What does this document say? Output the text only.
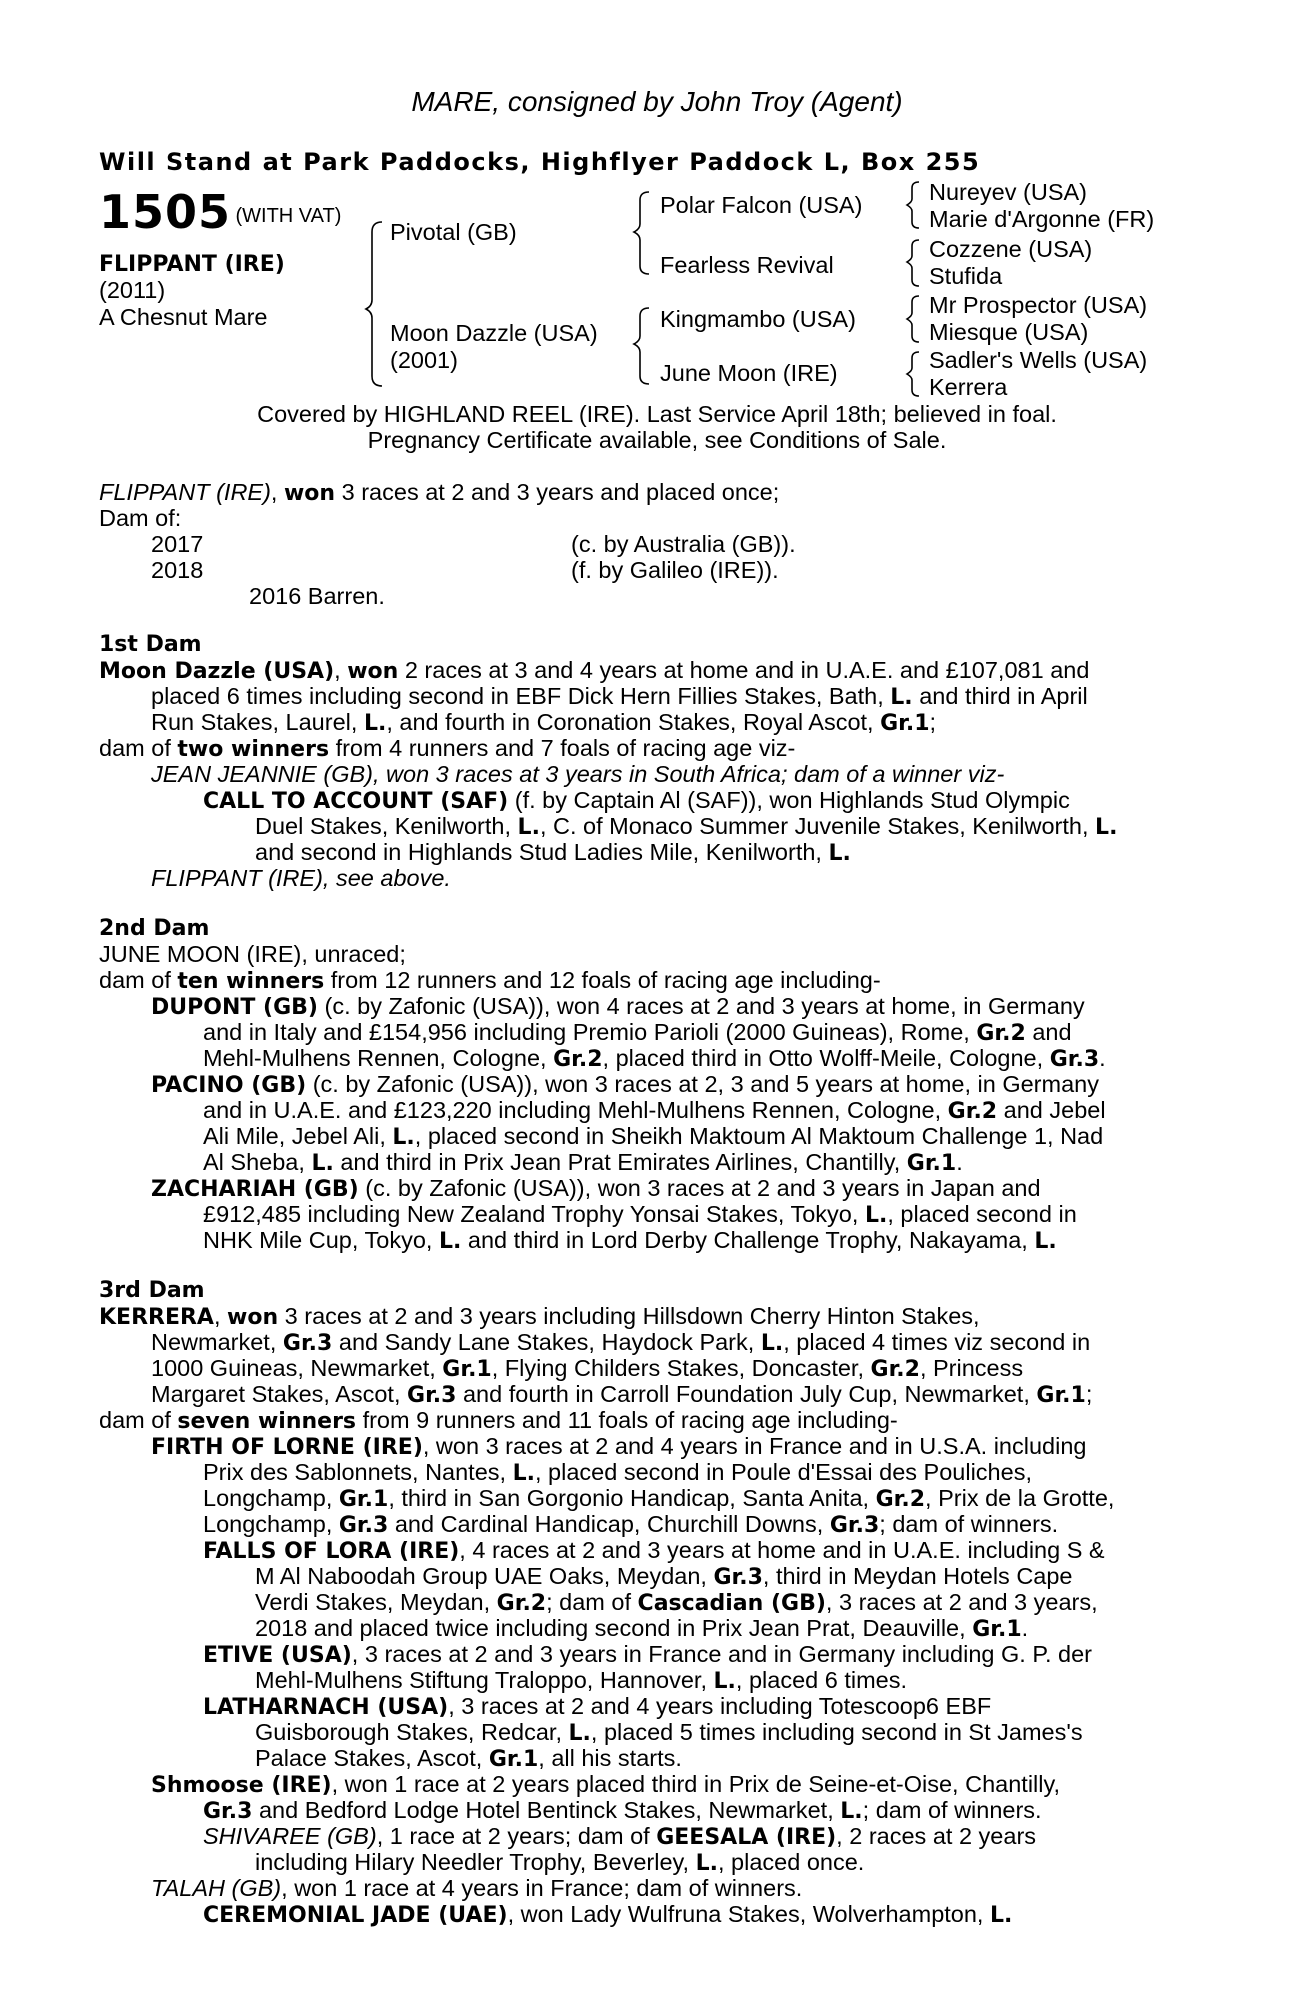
MARE, consigned by John Troy (Agent)
Will Stand at Park Paddocks, Highflyer Paddock L, Box 255
1505 (WITH VAT)
FLIPPANT (IRE)
(2011)
A Chesnut Mare
Pivotal (GB)
Moon Dazzle (USA)
(2001)
Polar Falcon (USA)
Fearless Revival
Kingmambo (USA)
June Moon (IRE)
Nureyev (USA)
Marie d'Argonne (FR)
Cozzene (USA)
Stufida
Mr Prospector (USA)
Miesque (USA)
Sadler's Wells (USA)
Kerrera
Covered by HIGHLAND REEL (IRE). Last Service April 18th; believed in foal.
Pregnancy Certificate available, see Conditions of Sale.
FLIPPANT (IRE), won 3 races at 2 and 3 years and placed once;
Dam of:
2017	(c. by Australia (GB)).
2018	(f. by Galileo (IRE)).
2016 Barren.
1st Dam
Moon Dazzle (USA), won 2 races at 3 and 4 years at home and in U.A.E. and £107,081 and
placed 6 times including second in EBF Dick Hern Fillies Stakes, Bath, L. and third in April
Run Stakes, Laurel, L., and fourth in Coronation Stakes, Royal Ascot, Gr.1;
dam of two winners from 4 runners and 7 foals of racing age viz-
JEAN JEANNIE (GB), won 3 races at 3 years in South Africa; dam of a winner viz-
CALL TO ACCOUNT (SAF) (f. by Captain Al (SAF)), won Highlands Stud Olympic
Duel Stakes, Kenilworth, L., C. of Monaco Summer Juvenile Stakes, Kenilworth, L.
and second in Highlands Stud Ladies Mile, Kenilworth, L.
FLIPPANT (IRE), see above.
2nd Dam
JUNE MOON (IRE), unraced;
dam of ten winners from 12 runners and 12 foals of racing age including-
DUPONT (GB) (c. by Zafonic (USA)), won 4 races at 2 and 3 years at home, in Germany
and in Italy and £154,956 including Premio Parioli (2000 Guineas), Rome, Gr.2 and
Mehl-Mulhens Rennen, Cologne, Gr.2, placed third in Otto Wolff-Meile, Cologne, Gr.3.
PACINO (GB) (c. by Zafonic (USA)), won 3 races at 2, 3 and 5 years at home, in Germany
and in U.A.E. and £123,220 including Mehl-Mulhens Rennen, Cologne, Gr.2 and Jebel
Ali Mile, Jebel Ali, L., placed second in Sheikh Maktoum Al Maktoum Challenge 1, Nad
Al Sheba, L. and third in Prix Jean Prat Emirates Airlines, Chantilly, Gr.1.
ZACHARIAH (GB) (c. by Zafonic (USA)), won 3 races at 2 and 3 years in Japan and
£912,485 including New Zealand Trophy Yonsai Stakes, Tokyo, L., placed second in
NHK Mile Cup, Tokyo, L. and third in Lord Derby Challenge Trophy, Nakayama, L.
3rd Dam
KERRERA, won 3 races at 2 and 3 years including Hillsdown Cherry Hinton Stakes,
Newmarket, Gr.3 and Sandy Lane Stakes, Haydock Park, L., placed 4 times viz second in
1000 Guineas, Newmarket, Gr.1, Flying Childers Stakes, Doncaster, Gr.2, Princess
Margaret Stakes, Ascot, Gr.3 and fourth in Carroll Foundation July Cup, Newmarket, Gr.1;
dam of seven winners from 9 runners and 11 foals of racing age including-
FIRTH OF LORNE (IRE), won 3 races at 2 and 4 years in France and in U.S.A. including
Prix des Sablonnets, Nantes, L., placed second in Poule d'Essai des Pouliches,
Longchamp, Gr.1, third in San Gorgonio Handicap, Santa Anita, Gr.2, Prix de la Grotte,
Longchamp, Gr.3 and Cardinal Handicap, Churchill Downs, Gr.3; dam of winners.
FALLS OF LORA (IRE), 4 races at 2 and 3 years at home and in U.A.E. including S &
M Al Naboodah Group UAE Oaks, Meydan, Gr.3, third in Meydan Hotels Cape
Verdi Stakes, Meydan, Gr.2; dam of Cascadian (GB), 3 races at 2 and 3 years,
2018 and placed twice including second in Prix Jean Prat, Deauville, Gr.1.
ETIVE (USA), 3 races at 2 and 3 years in France and in Germany including G. P. der
Mehl-Mulhens Stiftung Traloppo, Hannover, L., placed 6 times.
LATHARNACH (USA), 3 races at 2 and 4 years including Totescoop6 EBF
Guisborough Stakes, Redcar, L., placed 5 times including second in St James's
Palace Stakes, Ascot, Gr.1, all his starts.
Shmoose (IRE), won 1 race at 2 years placed third in Prix de Seine-et-Oise, Chantilly,
Gr.3 and Bedford Lodge Hotel Bentinck Stakes, Newmarket, L.; dam of winners.
SHIVAREE (GB), 1 race at 2 years; dam of GEESALA (IRE), 2 races at 2 years
including Hilary Needler Trophy, Beverley, L., placed once.
TALAH (GB), won 1 race at 4 years in France; dam of winners.
CEREMONIAL JADE (UAE), won Lady Wulfruna Stakes, Wolverhampton, L.
